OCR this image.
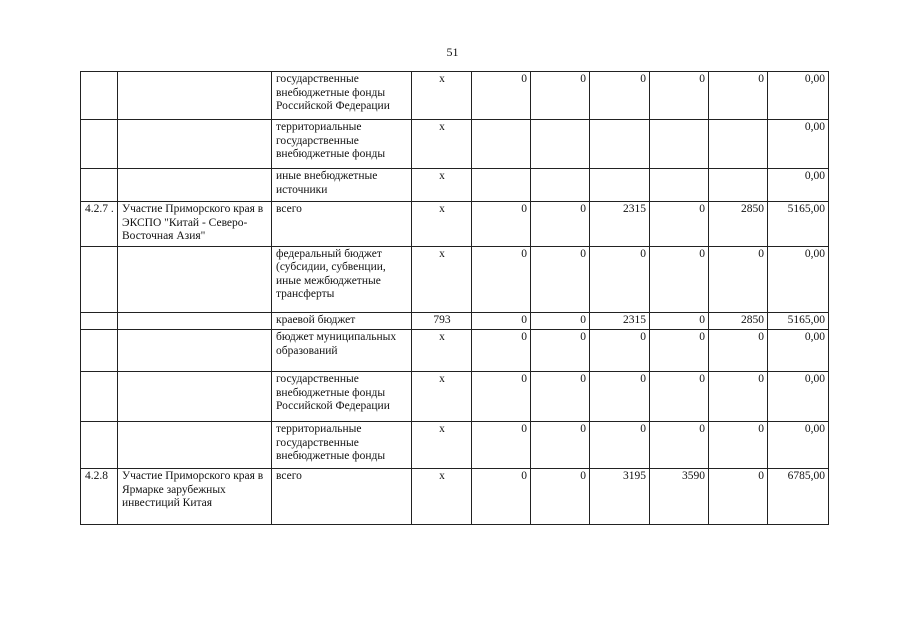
51
		государственные внебюджетные фонды Российской Федерации	x	0	0	0	0	0	0,00
		территориальные государственные внебюджетные фонды	x						0,00
		иные внебюджетные источники	x						0,00
4.2.7 .	Участие Приморского края в ЭКСПО "Китай - Северо-Восточная Азия"	всего	x	0	0	2315	0	2850	5165,00
		федеральный бюджет (субсидии, субвенции, иные межбюджетные трансферты	x	0	0	0	0	0	0,00
		краевой бюджет	793	0	0	2315	0	2850	5165,00
		бюджет муниципальных образований	x	0	0	0	0	0	0,00
		государственные внебюджетные фонды Российской Федерации	x	0	0	0	0	0	0,00
		территориальные государственные внебюджетные фонды	x	0	0	0	0	0	0,00
4.2.8	Участие Приморского края в Ярмарке зарубежных инвестиций Китая	всего	x	0	0	3195	3590	0	6785,00
